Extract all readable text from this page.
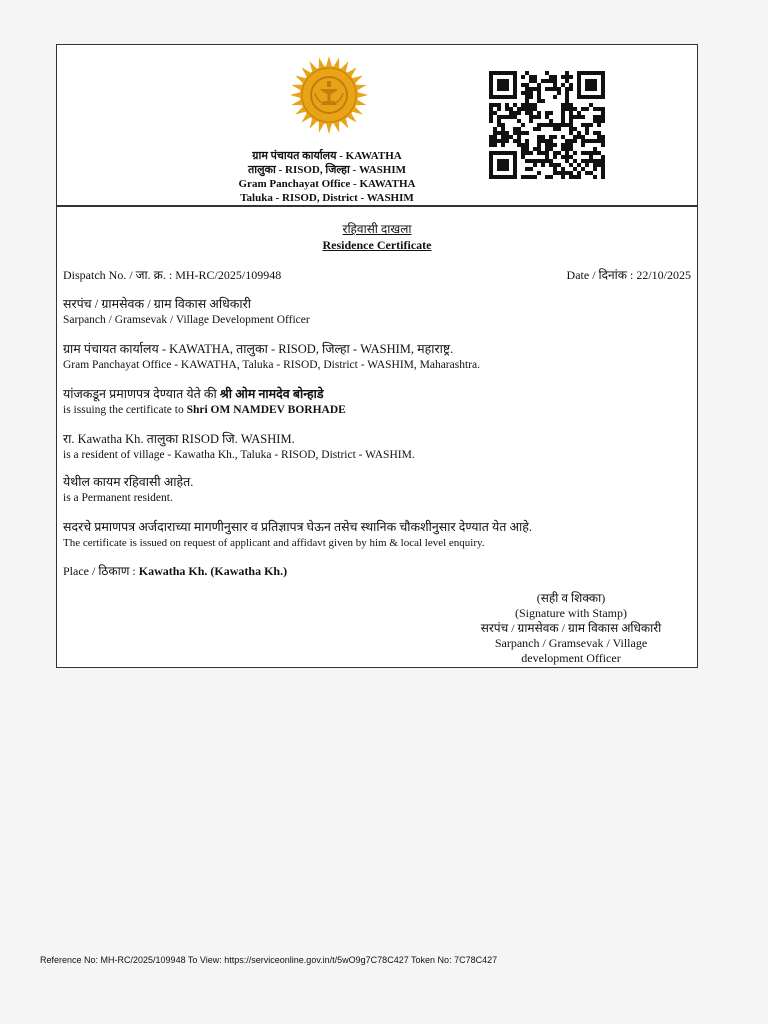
ग्राम पंचायत कार्यालय - KAWATHA
तालुका - RISOD, जिल्हा - WASHIM
Gram Panchayat Office - KAWATHA
Taluka - RISOD, District - WASHIM
रहिवासी दाखला
Residence Certificate
Dispatch No. / जा. क्र. : MH-RC/2025/109948	Date / दिनांक : 22/10/2025
सरपंच / ग्रामसेवक / ग्राम विकास अधिकारी
Sarpanch / Gramsevak / Village Development Officer
ग्राम पंचायत कार्यालय - KAWATHA, तालुका - RISOD, जिल्हा - WASHIM, महाराष्ट्र.
Gram Panchayat Office - KAWATHA, Taluka - RISOD, District - WASHIM, Maharashtra.
यांजकडून प्रमाणपत्र देण्यात येते की श्री ओम नामदेव बोन्हाडे
is issuing the certificate to Shri OM NAMDEV BORHADE
रा. Kawatha Kh. तालुका RISOD जि. WASHIM.
is a resident of village - Kawatha Kh., Taluka - RISOD, District - WASHIM.
येथील कायम रहिवासी आहेत.
is a Permanent resident.
सदरचे प्रमाणपत्र अर्जदाराच्या मागणीनुसार व प्रतिज्ञापत्र घेऊन तसेच स्थानिक चौकशीनुसार देण्यात येत आहे.
The certificate is issued on request of applicant and affidavt given by him & local level enquiry.
Place / ठिकाण : Kawatha Kh. (Kawatha Kh.)
(सही व शिक्का)
(Signature with Stamp)
सरपंच / ग्रामसेवक / ग्राम विकास अधिकारी
Sarpanch / Gramsevak / Village
development Officer
Reference No: MH-RC/2025/109948 To View: https://serviceonline.gov.in/t/5wO9g7C78C427 Token No: 7C78C427
